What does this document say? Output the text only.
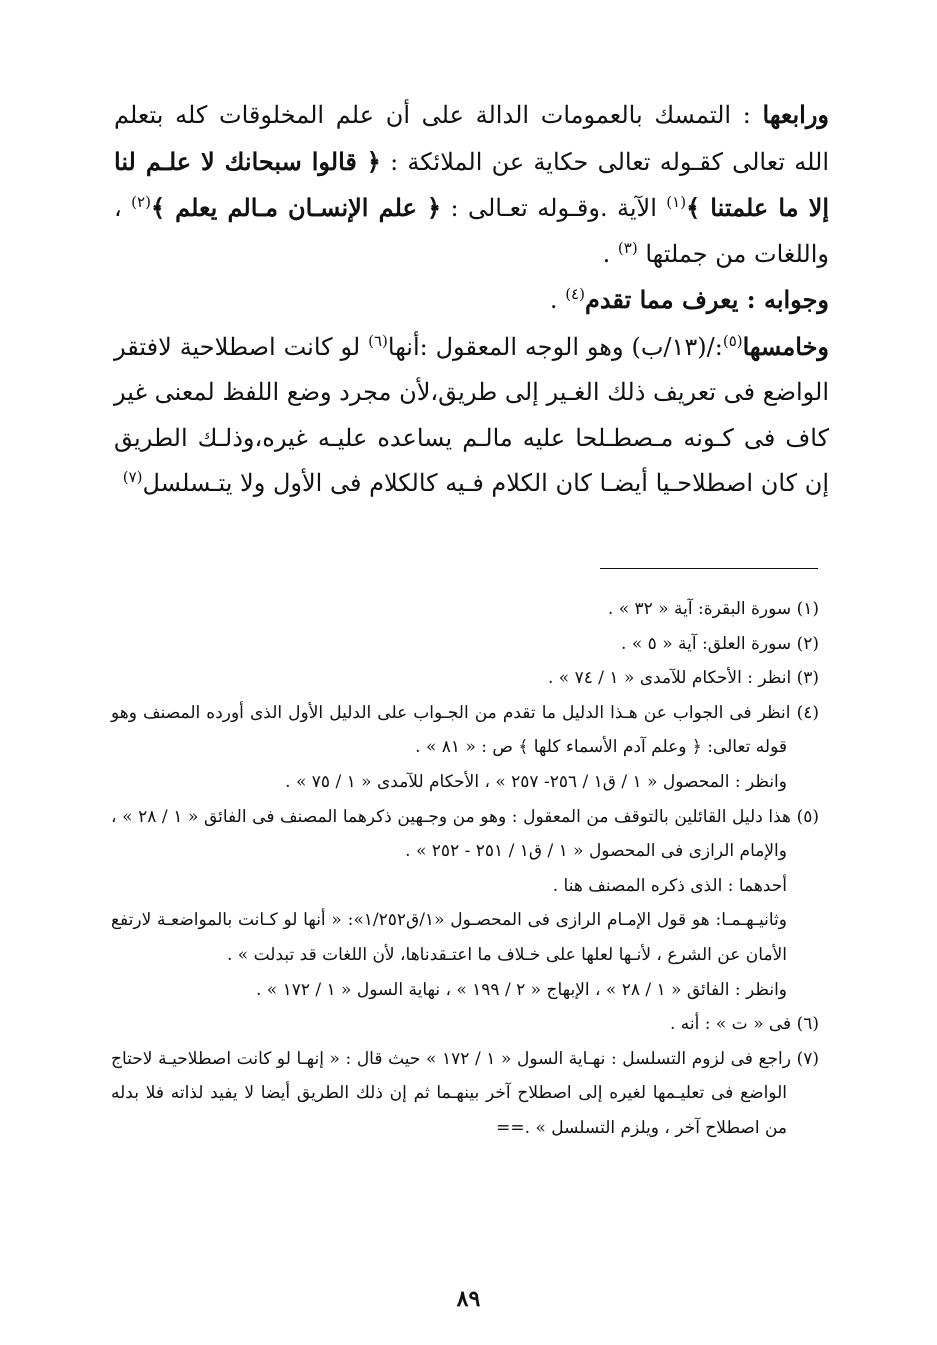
ورابعها : التمسك بالعمومات الدالة على أن علم المخلوقات كله بتعلم الله تعالى كقـوله تعالى حكاية عن الملائكة : ﴿ قالوا سبحانك لا علـم لنا إلا ما علمتنا ﴾$^{(١)}$ الآية .وقـوله تعـالى : ﴿ علم الإنسـان مـالم يعلم ﴾$^{(٢)}$ ، واللغات من جملتها $^{(٣)}$ .

وجوابه : يعرف مما تقدم$^{(٤)}$ .

وخامسها$^{(٥)}$:/(١٣/ب) وهو الوجه المعقول :أنها$^{(٦)}$ لو كانت اصطلاحية لافتقر الواضع فى تعريف ذلك الغـير إلى طريق،لأن مجرد وضع اللفظ لمعنى غير كاف فى كـونه مـصطـلحا عليه مالـم يساعده عليـه غيره،وذلـك الطريق إن كان اصطلاحـيا أيضـا كان الكلام فـيه كالكلام فى الأول ولا يتـسلسل$^{(٧)}$

(١) سورة البقرة: آية « ٣٢ » .

(٢) سورة العلق: آية « ٥ » .

(٣) انظر : الأحكام للآمدى « ١ / ٧٤ » .

(٤) انظر فى الجواب عن هـذا الدليل ما تقدم من الجـواب على الدليل الأول الذى أورده المصنف وهو قوله تعالى: ﴿ وعلم آدم الأسماء كلها ﴾ ص : « ٨١ » .

وانظر : المحصول « ١ / ق١ / ٢٥٦- ٢٥٧ » ، الأحكام للآمدى « ١ / ٧٥ » .

(٥) هذا دليل القائلين بالتوقف من المعقول : وهو من وجـهين ذكرهما المصنف فى الفائق « ١ / ٢٨ » ، والإمام الرازى فى المحصول « ١ / ق١ / ٢٥١ - ٢٥٢ » .

أحدهما : الذى ذكره المصنف هنا .

وثانيـهـمـا: هو قول الإمـام الرازى فى المحصـول «١/ق١/٢٥٢»: « أنها لو كـانت بالمواضعـة لارتفع الأمان عن الشرع ، لأنـها لعلها على خـلاف ما اعتـقدناها، لأن اللغات قد تبدلت » .

وانظر : الفائق « ١ / ٢٨ » ، الإبهاج « ٢ / ١٩٩ » ، نهاية السول « ١ / ١٧٢ » .

(٦) فى « ت » : أنه .

(٧) راجع فى لزوم التسلسل : نهـاية السول « ١ / ١٧٢ » حيث قال : « إنهـا لو كانت اصطلاحيـة لاحتاج الواضع فى تعليـمها لغيره إلى اصطلاح آخر بينهـما ثم إن ذلك الطريق أيضا لا يفيد لذاته فلا بدله من اصطلاح آخر ، ويلزم التسلسل » .==

٨٩
